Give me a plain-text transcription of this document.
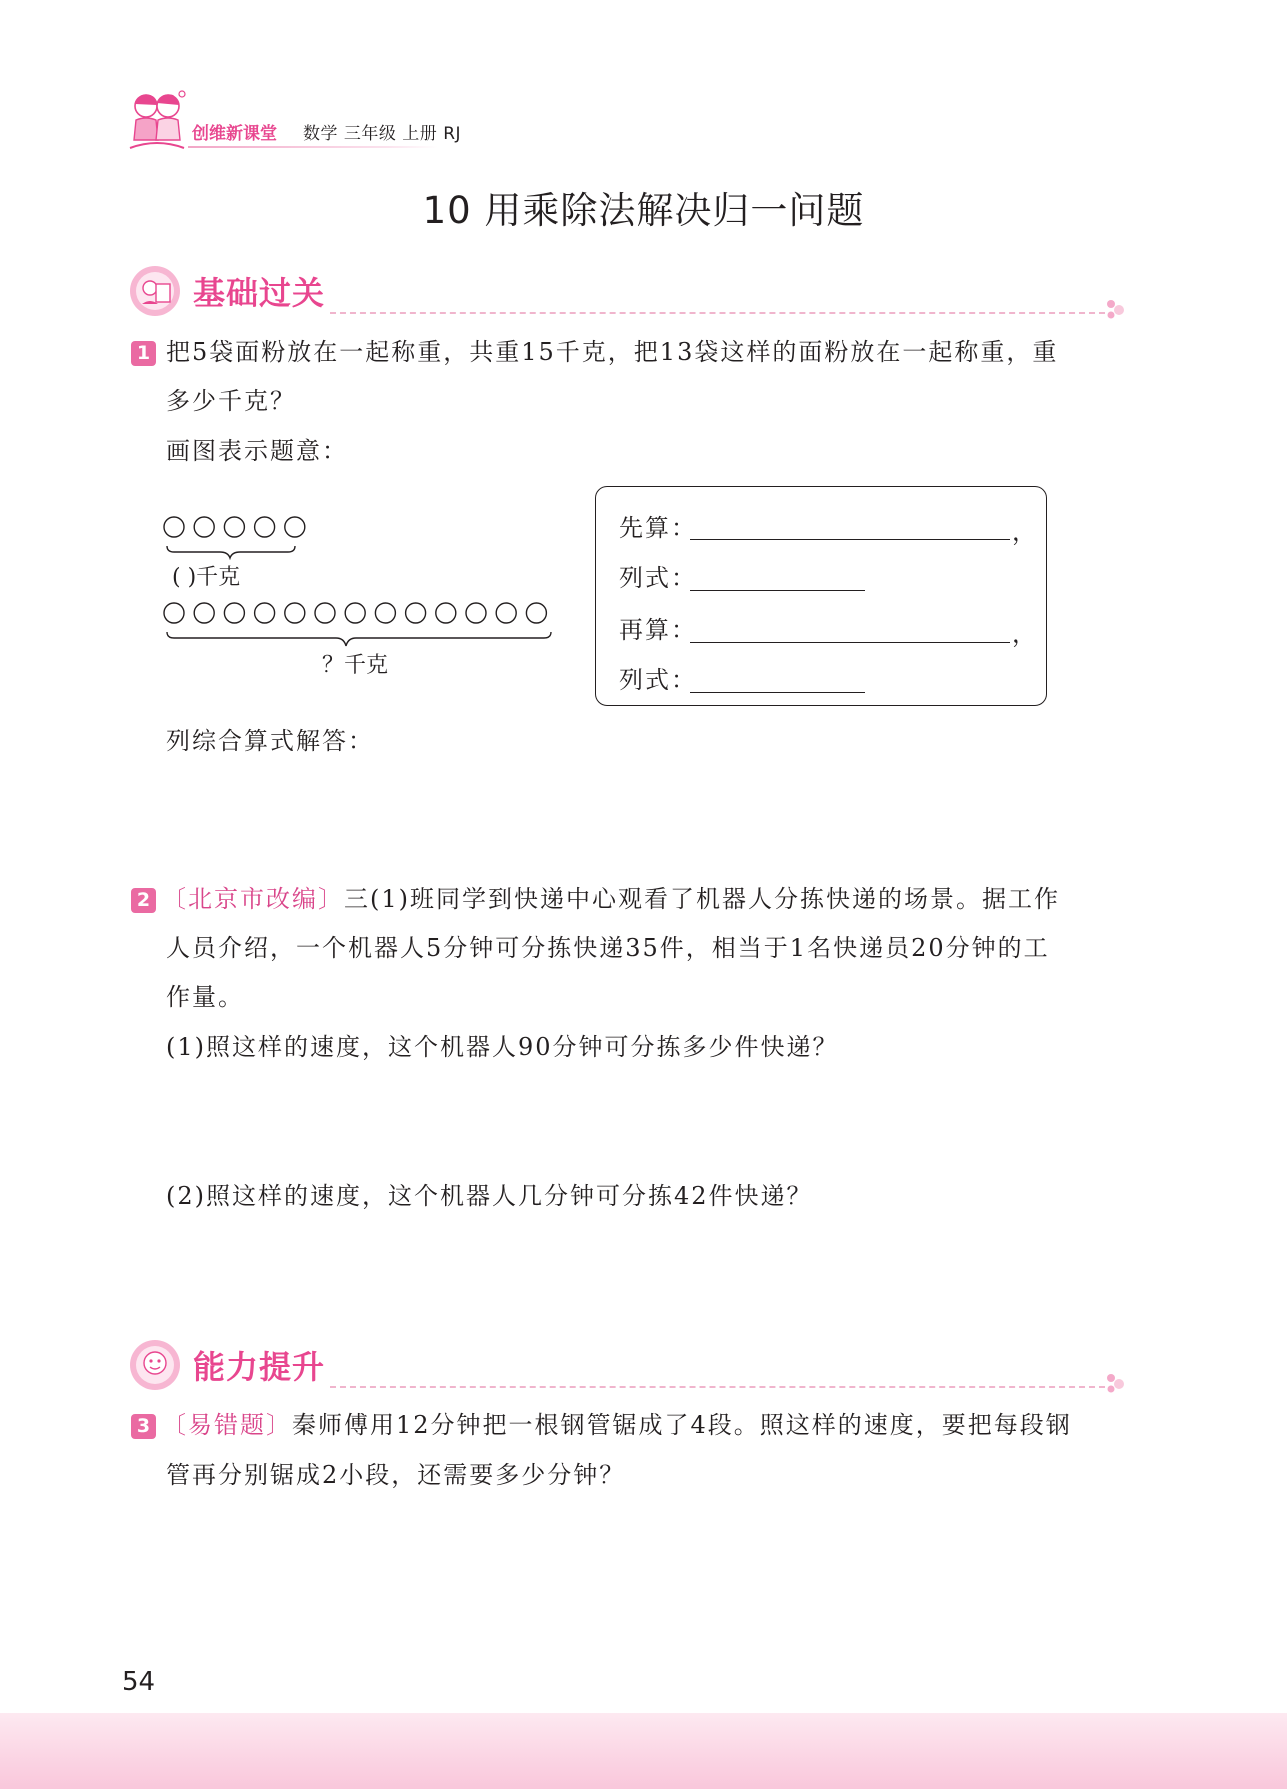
创维新课堂 数学 三年级 上册 RJ
10 用乘除法解决归一问题
基础过关
1 把5袋面粉放在一起称重，共重15千克，把13袋这样的面粉放在一起称重，重
多少千克？
画图表示题意：
( )千克
？千克
先算：	，
列式：
再算：	，
列式：
列综合算式解答：
2 〔北京市改编〕三(1)班同学到快递中心观看了机器人分拣快递的场景。据工作
人员介绍，一个机器人5分钟可分拣快递35件，相当于1名快递员20分钟的工
作量。
(1)照这样的速度，这个机器人90分钟可分拣多少件快递？
(2)照这样的速度，这个机器人几分钟可分拣42件快递？
能力提升
3 〔易错题〕秦师傅用12分钟把一根钢管锯成了4段。照这样的速度，要把每段钢
管再分别锯成2小段，还需要多少分钟？
54
